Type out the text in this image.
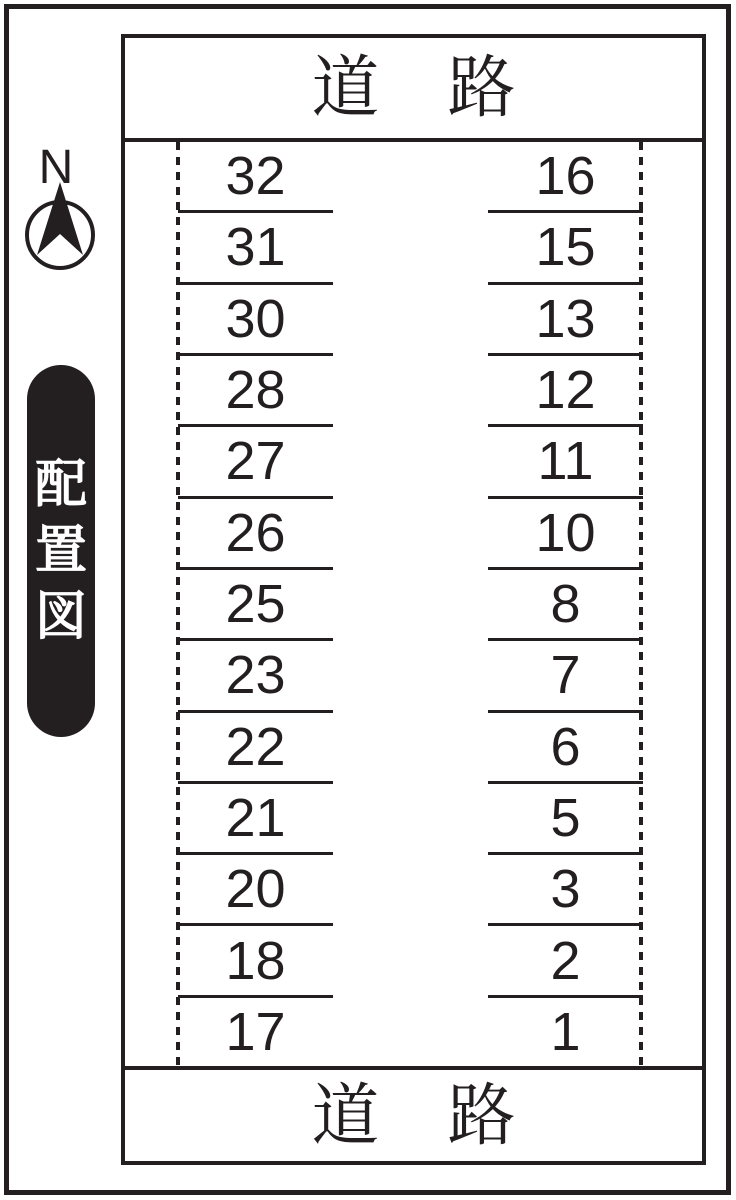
N
配
置
図
道　路
32
31
30
28
27
26
25
23
22
21
20
18
17
16
15
13
12
11
10
8
7
6
5
3
2
1
道　路
